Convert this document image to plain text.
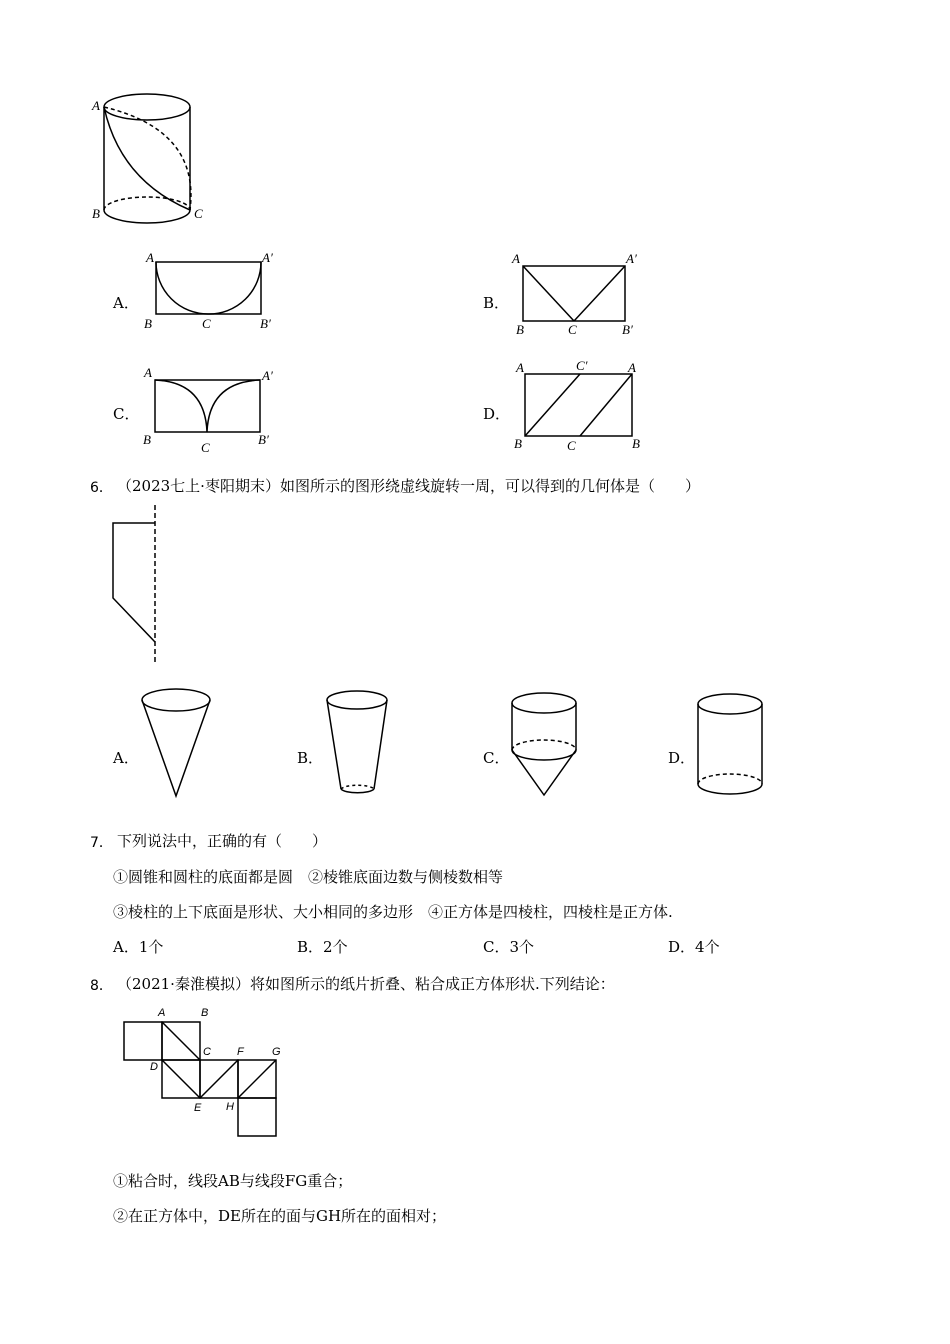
A
B	C
A	A′
B	C	B′
A	A′
B	C	B′
A	A′
B
C
B′
A	C′	A
B	C	B
A	B
C
D
E
F	G
H
A．	B．
C．	D．
6． （2023七上·枣阳期末）如图所示的图形绕虚线旋转一周，可以得到的几何体是（　　）
A．	B．	C．	D．
7． 下列说法中，正确的有（　　）
①圆锥和圆柱的底面都是圆　②棱锥底面边数与侧棱数相等
③棱柱的上下底面是形状、大小相同的多边形　④正方体是四棱柱，四棱柱是正方体.
A．1个	B．2个	C．3个	D．4个
8． （2021·秦淮模拟）将如图所示的纸片折叠、粘合成正方体形状.下列结论：
①粘合时，线段AB与线段FG重合；
②在正方体中，DE所在的面与GH所在的面相对；
